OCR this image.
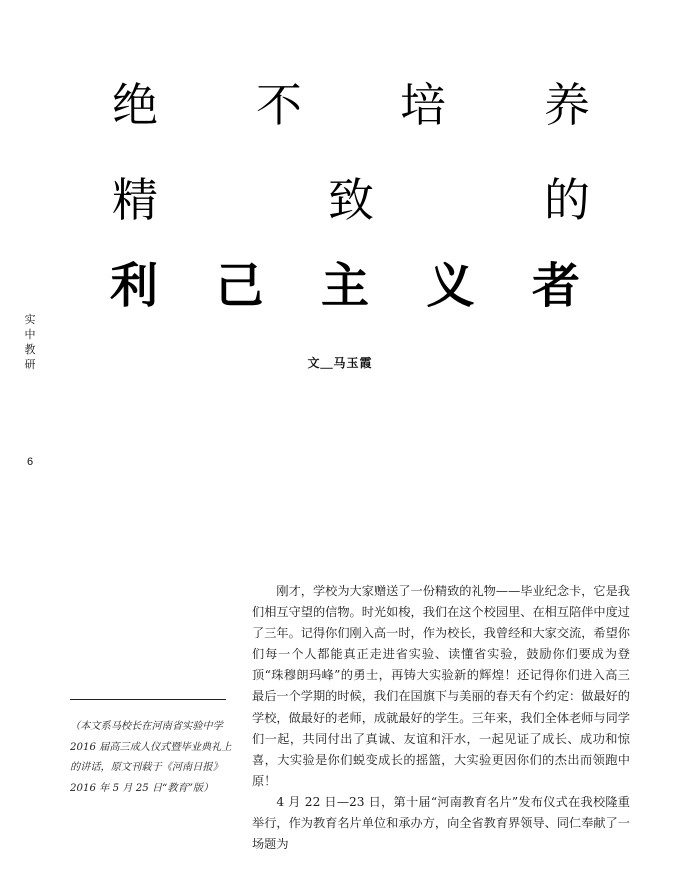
绝 不 培 养
精	致	的
利 己 主 义 者
文＿马玉霞
实
中
教
研
6

（本文系马校长在河南省实验中学

2016 届高三成人仪式暨毕业典礼上

的讲话，原文刊载于《河南日报》

2016 年 5 月 25 日“教育”版）

刚才，学校为大家赠送了一份精致的礼物——毕业纪念卡，它是我们相互守望的信物。时光如梭，我们在这个校园里、在相互陪伴中度过了三年。记得你们刚入高一时，作为校长，我曾经和大家交流，希望你们每一个人都能真正走进省实验、读懂省实验，鼓励你们要成为登顶“珠穆朗玛峰”的勇士，再铸大实验新的辉煌！还记得你们进入高三最后一个学期的时候，我们在国旗下与美丽的春天有个约定：做最好的学校，做最好的老师，成就最好的学生。三年来，我们全体老师与同学们一起，共同付出了真诚、友谊和汗水，一起见证了成长、成功和惊喜，大实验是你们蜕变成长的摇篮，大实验更因你们的杰出而领跑中原！

4 月 22 日—23 日，第十届“河南教育名片”发布仪式在我校隆重举行，作为教育名片单位和承办方，向全省教育界领导、同仁奉献了一场题为
